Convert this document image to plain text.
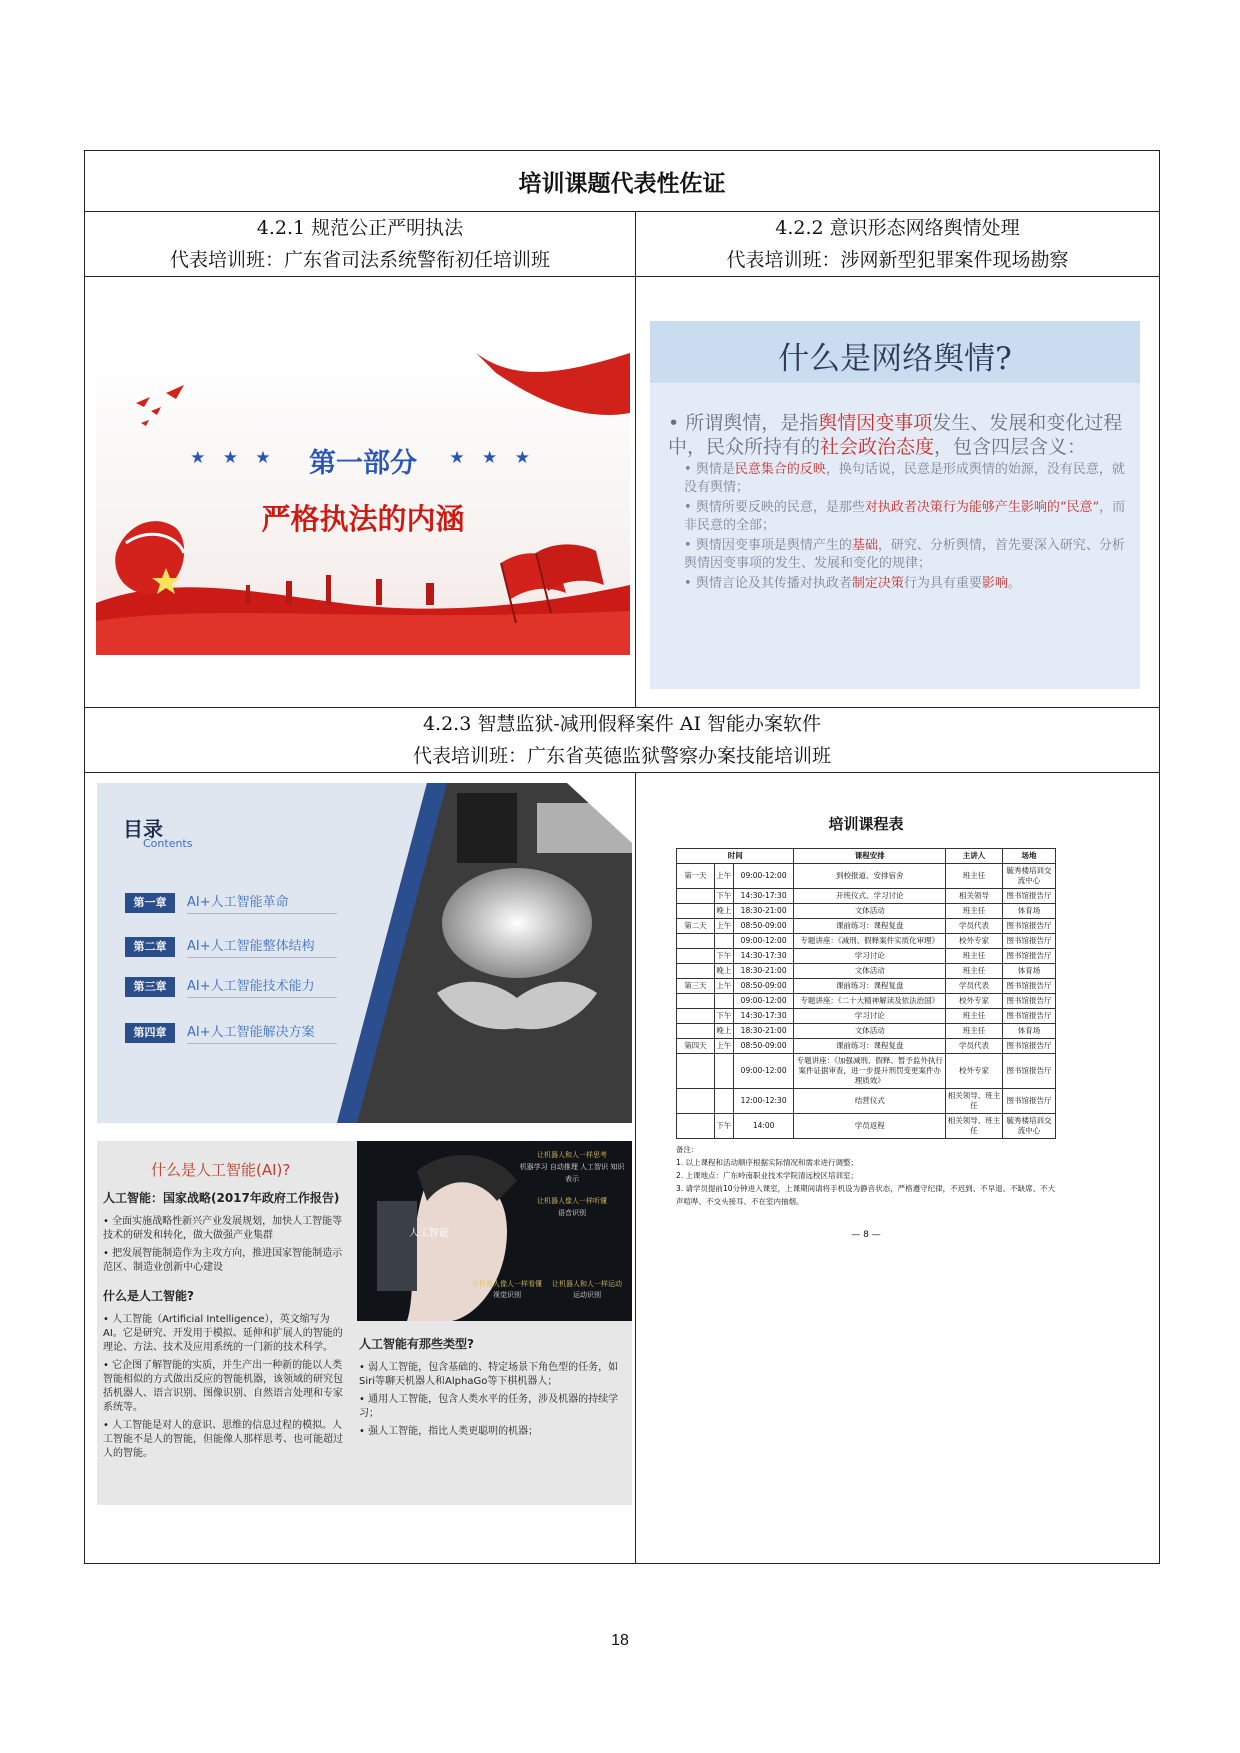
培训课题代表性佐证

4.2.1 规范公正严明执法
代表培训班：广东省司法系统警衔初任培训班

4.2.2 意识形态网络舆情处理
代表培训班：涉网新型犯罪案件现场勘察

★ ★ ★	★ ★ ★
第一部分
严格执法的内涵

什么是网络舆情?
• 所谓舆情，是指舆情因变事项发生、发展和变化过程中，民众所持有的社会政治态度，包含四层含义：
• 舆情是民意集合的反映，换句话说，民意是形成舆情的始源，没有民意，就没有舆情；
• 舆情所要反映的民意，是那些对执政者决策行为能够产生影响的“民意”，而非民意的全部；
• 舆情因变事项是舆情产生的基础，研究、分析舆情，首先要深入研究、分析舆情因变事项的发生、发展和变化的规律；
• 舆情言论及其传播对执政者制定决策行为具有重要影响。

4.2.3 智慧监狱-减刑假释案件 AI 智能办案软件
代表培训班：广东省英德监狱警察办案技能培训班

目录
Contents
第一章	AI+人工智能革命
第二章	AI+人工智能整体结构
第三章	AI+人工智能技术能力
第四章	AI+人工智能解决方案
人工智能
让机器人和人一样思考
机器学习 自动推理 人工智识 知识表示
让机器人像人一样听懂
语音识别
让机器人像人一样看懂
视觉识别
让机器人和人一样运动
运动识别
什么是人工智能(AI)?
人工智能：国家战略(2017年政府工作报告)
• 全面实施战略性新兴产业发展规划，加快人工智能等技术的研发和转化，做大做强产业集群
• 把发展智能制造作为主攻方向，推进国家智能制造示范区、制造业创新中心建设
什么是人工智能?
• 人工智能（Artificial Intelligence），英文缩写为AI。它是研究、开发用于模拟、延伸和扩展人的智能的理论、方法、技术及应用系统的一门新的技术科学。
• 它企图了解智能的实质，并生产出一种新的能以人类智能相似的方式做出反应的智能机器，该领域的研究包括机器人、语言识别、图像识别、自然语言处理和专家系统等。
• 人工智能是对人的意识、思维的信息过程的模拟。人工智能不是人的智能，但能像人那样思考、也可能超过人的智能。
人工智能有那些类型?
• 弱人工智能，包含基础的、特定场景下角色型的任务，如Siri等聊天机器人和AlphaGo等下棋机器人；
• 通用人工智能，包含人类水平的任务，涉及机器的持续学习；
• 强人工智能，指比人类更聪明的机器；

培训课程表
时间	课程安排	主讲人	场地
第一天	上午	09:00-12:00	到校报道、安排宿舍	班主任	毓秀楼培训交流中心
	下午	14:30-17:30	开班仪式、学习讨论	相关领导	图书馆报告厅
	晚上	18:30-21:00	文体活动	班主任	体育场
第二天	上午	08:50-09:00	课前练习：课程复盘	学员代表	图书馆报告厅
		09:00-12:00	专题讲座：《减刑、假释案件实质化审理》	校外专家	图书馆报告厅
	下午	14:30-17:30	学习讨论	班主任	图书馆报告厅
	晚上	18:30-21:00	文体活动	班主任	体育场
第三天	上午	08:50-09:00	课前练习：课程复盘	学员代表	图书馆报告厅
		09:00-12:00	专题讲座：《二十大精神解读及依法治国》	校外专家	图书馆报告厅
	下午	14:30-17:30	学习讨论	班主任	图书馆报告厅
	晚上	18:30-21:00	文体活动	班主任	体育场
第四天	上午	08:50-09:00	课前练习：课程复盘	学员代表	图书馆报告厅
		09:00-12:00	专题讲座：《加强减刑、假释、暂予监外执行案件证据审查，进一步提升刑罚变更案件办理质效》	校外专家	图书馆报告厅
		12:00-12:30	结营仪式	相关领导、班主任	图书馆报告厅
	下午	14:00	学员返程	相关领导、班主任	毓秀楼培训交流中心
备注：
1. 以上课程和活动顺序根据实际情况和需求进行调整；
2. 上课地点：广东岭南职业技术学院清远校区培训室；
3. 请学员提前10分钟进入课室，上课期间请将手机设为静音状态，严格遵守纪律，不迟到、不早退、不缺席、不大声喧哗、不交头接耳、不在室内抽烟。
— 8 —
18
